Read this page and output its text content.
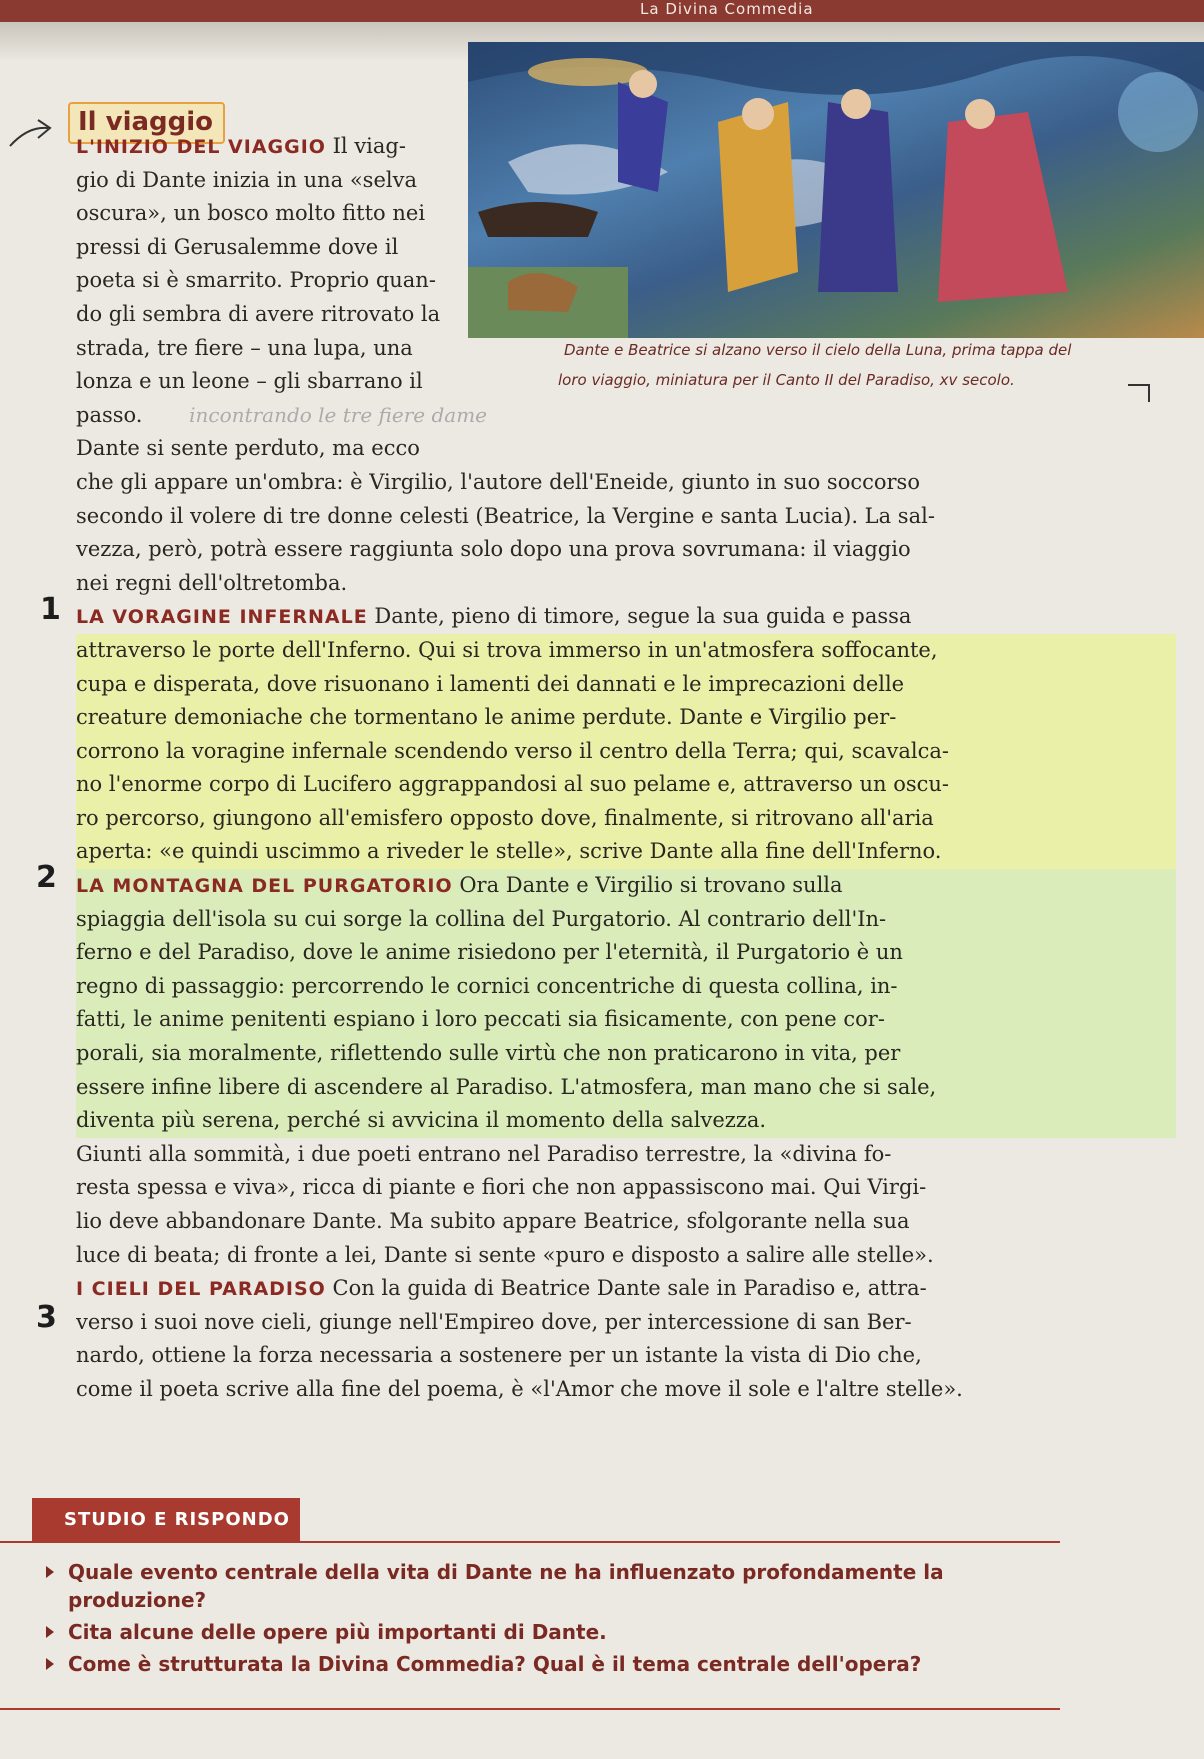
La Divina Commedia
Dante e Beatrice si alzano verso il cielo della Luna, prima tappa del
loro viaggio, miniatura per il Canto II del Paradiso, xv secolo.
Il viaggio
1
2
3
L'INIZIO DEL VIAGGIO Il viag-
gio di Dante inizia in una «selva
oscura», un bosco molto fitto nei
pressi di Gerusalemme dove il
poeta si è smarrito. Proprio quan-
do gli sembra di avere ritrovato la
strada, tre fiere – una lupa, una
lonza e un leone – gli sbarrano il
passo. incontrando le tre fiere dame
Dante si sente perduto, ma ecco
che gli appare un'ombra: è Virgilio, l'autore dell'Eneide, giunto in suo soccorso
secondo il volere di tre donne celesti (Beatrice, la Vergine e santa Lucia). La sal-
vezza, però, potrà essere raggiunta solo dopo una prova sovrumana: il viaggio
nei regni dell'oltretomba.
LA VORAGINE INFERNALE Dante, pieno di timore, segue la sua guida e passa
attraverso le porte dell'Inferno. Qui si trova immerso in un'atmosfera soffocante,
cupa e disperata, dove risuonano i lamenti dei dannati e le imprecazioni delle
creature demoniache che tormentano le anime perdute. Dante e Virgilio per-
corrono la voragine infernale scendendo verso il centro della Terra; qui, scavalca-
no l'enorme corpo di Lucifero aggrappandosi al suo pelame e, attraverso un oscu-
ro percorso, giungono all'emisfero opposto dove, finalmente, si ritrovano all'aria
aperta: «e quindi uscimmo a riveder le stelle», scrive Dante alla fine dell'Inferno.
LA MONTAGNA DEL PURGATORIO Ora Dante e Virgilio si trovano sulla
spiaggia dell'isola su cui sorge la collina del Purgatorio. Al contrario dell'In-
ferno e del Paradiso, dove le anime risiedono per l'eternità, il Purgatorio è un
regno di passaggio: percorrendo le cornici concentriche di questa collina, in-
fatti, le anime penitenti espiano i loro peccati sia fisicamente, con pene cor-
porali, sia moralmente, riflettendo sulle virtù che non praticarono in vita, per
essere infine libere di ascendere al Paradiso. L'atmosfera, man mano che si sale,
diventa più serena, perché si avvicina il momento della salvezza.
Giunti alla sommità, i due poeti entrano nel Paradiso terrestre, la «divina fo-
resta spessa e viva», ricca di piante e fiori che non appassiscono mai. Qui Virgi-
lio deve abbandonare Dante. Ma subito appare Beatrice, sfolgorante nella sua
luce di beata; di fronte a lei, Dante si sente «puro e disposto a salire alle stelle».
I CIELI DEL PARADISO Con la guida di Beatrice Dante sale in Paradiso e, attra-
verso i suoi nove cieli, giunge nell'Empireo dove, per intercessione di san Ber-
nardo, ottiene la forza necessaria a sostenere per un istante la vista di Dio che,
come il poeta scrive alla fine del poema, è «l'Amor che move il sole e l'altre stelle».
STUDIO E RISPONDO
Quale evento centrale della vita di Dante ne ha influenzato profondamente la produzione?
Cita alcune delle opere più importanti di Dante.
Come è strutturata la Divina Commedia? Qual è il tema centrale dell'opera?
